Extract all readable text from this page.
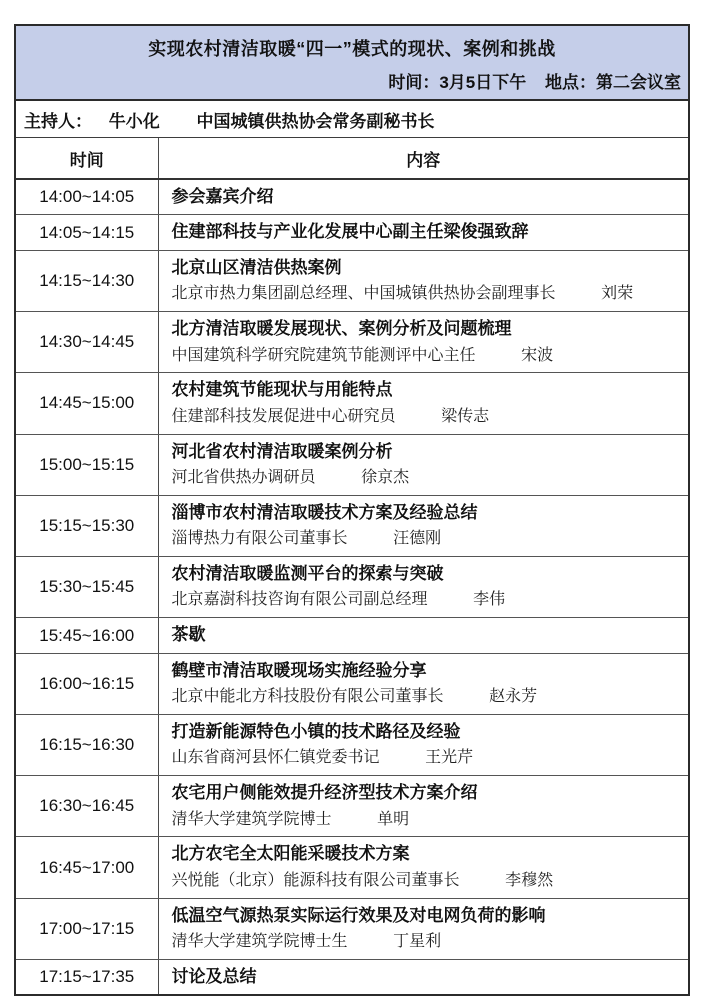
实现农村清洁取暖“四一”模式的现状、案例和挑战
时间：3月5日下午 地点：第二会议室
主持人： 牛小化 中国城镇供热协会常务副秘书长
时间	内容
14:00~14:05	参会嘉宾介绍

14:05~14:15	住建部科技与产业化发展中心副主任梁俊强致辞

14:15~14:30	北京山区清洁供热案例
北京市热力集团副总经理、中国城镇供热协会副理事长 刘荣

14:30~14:45	北方清洁取暖发展现状、案例分析及问题梳理
中国建筑科学研究院建筑节能测评中心主任 宋波

14:45~15:00	农村建筑节能现状与用能特点
住建部科技发展促进中心研究员 梁传志

15:00~15:15	河北省农村清洁取暖案例分析
河北省供热办调研员 徐京杰

15:15~15:30	淄博市农村清洁取暖技术方案及经验总结
淄博热力有限公司董事长 汪德刚

15:30~15:45	农村清洁取暖监测平台的探索与突破
北京嘉澍科技咨询有限公司副总经理 李伟

15:45~16:00	茶歇

16:00~16:15	鹤壁市清洁取暖现场实施经验分享
北京中能北方科技股份有限公司董事长 赵永芳

16:15~16:30	打造新能源特色小镇的技术路径及经验
山东省商河县怀仁镇党委书记 王光芹

16:30~16:45	农宅用户侧能效提升经济型技术方案介绍
清华大学建筑学院博士 单明

16:45~17:00	北方农宅全太阳能采暖技术方案
兴悦能（北京）能源科技有限公司董事长 李穆然

17:00~17:15	低温空气源热泵实际运行效果及对电网负荷的影响
清华大学建筑学院博士生 丁星利

17:15~17:35	讨论及总结
